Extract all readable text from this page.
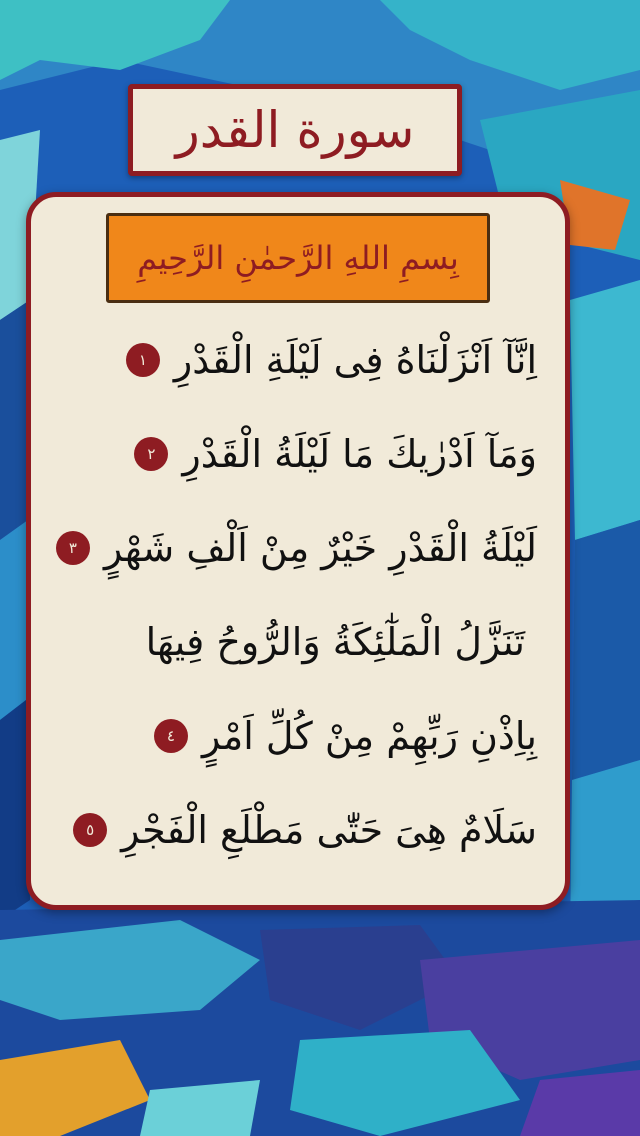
سورة القدر
بِسمِ اللهِ الرَّحمٰنِ الرَّحِيمِ
اِنَّآ اَنْزَلْنَاهُ فِى لَيْلَةِ الْقَدْرِ
١
وَمَآ اَدْرٰيكَ مَا لَيْلَةُ الْقَدْرِ
٢
لَيْلَةُ الْقَدْرِ خَيْرٌ مِنْ اَلْفِ شَهْرٍ
٣
تَنَزَّلُ الْمَلٰٓئِكَةُ وَالرُّوحُ فِيهَا
بِاِذْنِ رَبِّهِمْ مِنْ كُلِّ اَمْرٍ
٤
سَلَامٌ هِىَ حَتّٰى مَطْلَعِ الْفَجْرِ
٥
